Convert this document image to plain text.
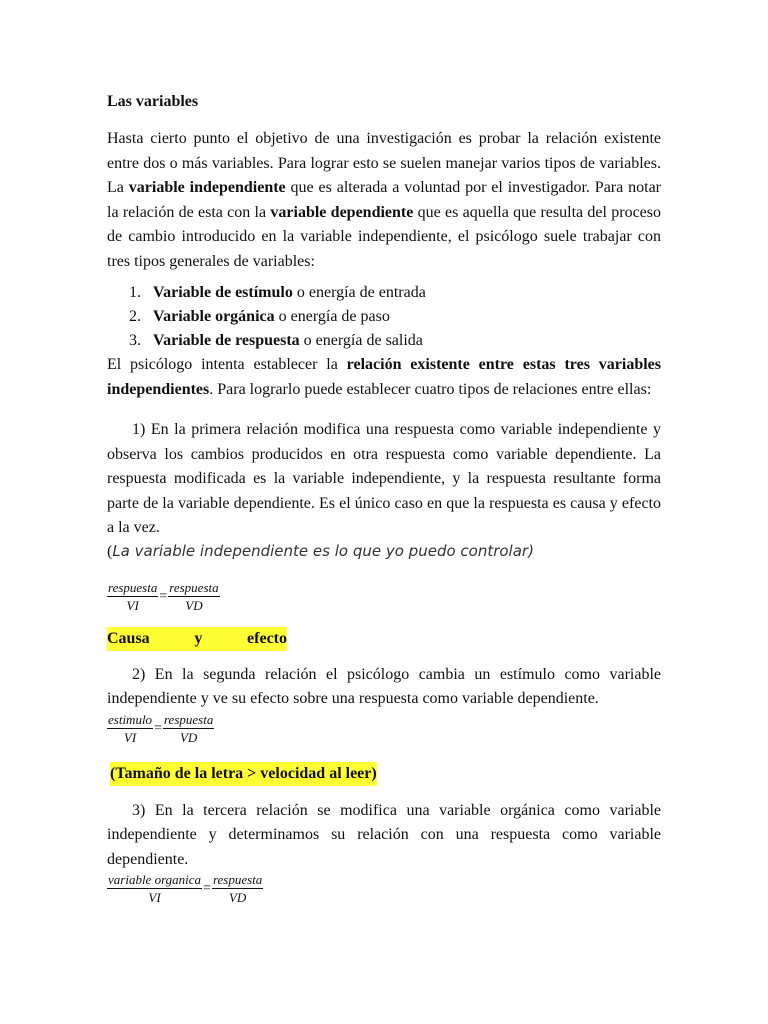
Las variables

Hasta cierto punto el objetivo de una investigación es probar la relación existente entre dos o más variables. Para lograr esto se suelen manejar varios tipos de variables. La variable independiente que es alterada a voluntad por el investigador. Para notar la relación de esta con la variable dependiente que es aquella que resulta del proceso de cambio introducido en la variable independiente, el psicólogo suele trabajar con tres tipos generales de variables:

1. Variable de estímulo o energía de entrada
2. Variable orgánica o energía de paso
3. Variable de respuesta o energía de salida

El psicólogo intenta establecer la relación existente entre estas tres variables independientes. Para lograrlo puede establecer cuatro tipos de relaciones entre ellas:

1) En la primera relación modifica una respuesta como variable independiente y observa los cambios producidos en otra respuesta como variable dependiente. La respuesta modificada es la variable independiente, y la respuesta resultante forma parte de la variable dependiente. Es el único caso en que la respuesta es causa y efecto a la vez.

(La variable independiente es lo que yo puedo controlar)

$\frac{\text{respuesta}}{VI} = \frac{\text{respuesta}}{VD}$
Causa	y	efecto

2) En la segunda relación el psicólogo cambia un estímulo como variable independiente y ve su efecto sobre una respuesta como variable dependiente.

$\frac{\text{estimulo}}{VI} = \frac{\text{respuesta}}{VD}$
(Tamaño de la letra > velocidad al leer)

3) En la tercera relación se modifica una variable orgánica como variable independiente y determinamos su relación con una respuesta como variable dependiente.

$\frac{\text{variable organica}}{VI} = \frac{\text{respuesta}}{VD}$
